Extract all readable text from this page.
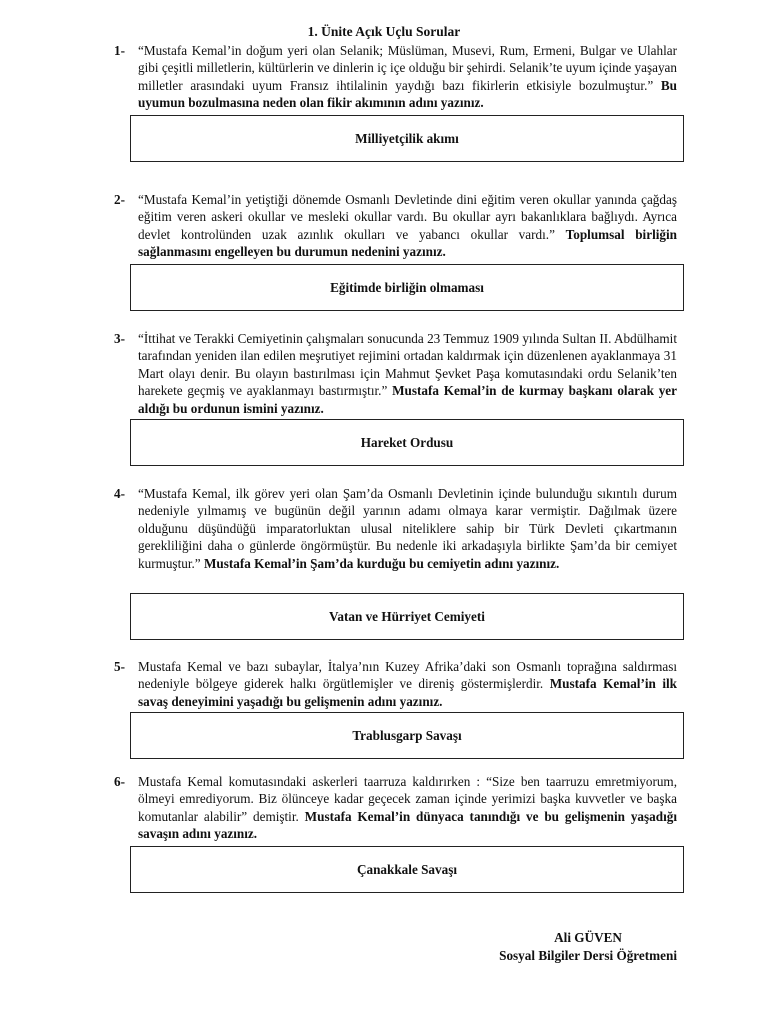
1. Ünite Açık Uçlu Sorular
1- “Mustafa Kemal’in doğum yeri olan Selanik; Müslüman, Musevi, Rum, Ermeni, Bulgar ve Ulahlar gibi çeşitli milletlerin, kültürlerin ve dinlerin iç içe olduğu bir şehirdi. Selanik’te uyum içinde yaşayan milletler arasındaki uyum Fransız ihtilalinin yaydığı bazı fikirlerin etkisiyle bozulmuştur.” Bu uyumun bozulmasına neden olan fikir akımının adını yazınız.
Milliyetçilik akımı
2- “Mustafa Kemal’in yetiştiği dönemde Osmanlı Devletinde dini eğitim veren okullar yanında çağdaş eğitim veren askeri okullar ve mesleki okullar vardı. Bu okullar ayrı bakanlıklara bağlıydı. Ayrıca devlet kontrolünden uzak azınlık okulları ve yabancı okullar vardı.” Toplumsal birliğin sağlanmasını engelleyen bu durumun nedenini yazınız.
Eğitimde birliğin olmaması
3- “İttihat ve Terakki Cemiyetinin çalışmaları sonucunda 23 Temmuz 1909 yılında Sultan II. Abdülhamit tarafından yeniden ilan edilen meşrutiyet rejimini ortadan kaldırmak için düzenlenen ayaklanmaya 31 Mart olayı denir. Bu olayın bastırılması için Mahmut Şevket Paşa komutasındaki ordu Selanik’ten harekete geçmiş ve ayaklanmayı bastırmıştır.” Mustafa Kemal’in de kurmay başkanı olarak yer aldığı bu ordunun ismini yazınız.
Hareket Ordusu
4- “Mustafa Kemal, ilk görev yeri olan Şam’da Osmanlı Devletinin içinde bulunduğu sıkıntılı durum nedeniyle yılmamış ve bugünün değil yarının adamı olmaya karar vermiştir. Dağılmak üzere olduğunu düşündüğü imparatorluktan ulusal niteliklere sahip bir Türk Devleti çıkartmanın gerekliliğini daha o günlerde öngörmüştür. Bu nedenle iki arkadaşıyla birlikte Şam’da bir cemiyet kurmuştur.” Mustafa Kemal’in Şam’da kurduğu bu cemiyetin adını yazınız.
Vatan ve Hürriyet Cemiyeti
5- Mustafa Kemal ve bazı subaylar, İtalya’nın Kuzey Afrika’daki son Osmanlı toprağına saldırması nedeniyle bölgeye giderek halkı örgütlemişler ve direniş göstermişlerdir. Mustafa Kemal’in ilk savaş deneyimini yaşadığı bu gelişmenin adını yazınız.
Trablusgarp Savaşı
6- Mustafa Kemal komutasındaki askerleri taarruza kaldırırken : “Size ben taarruzu emretmiyorum, ölmeyi emrediyorum. Biz ölünceye kadar geçecek zaman içinde yerimizi başka kuvvetler ve başka komutanlar alabilir” demiştir. Mustafa Kemal’in dünyaca tanındığı ve bu gelişmenin yaşadığı savaşın adını yazınız.
Çanakkale Savaşı
Ali GÜVEN
Sosyal Bilgiler Dersi Öğretmeni
